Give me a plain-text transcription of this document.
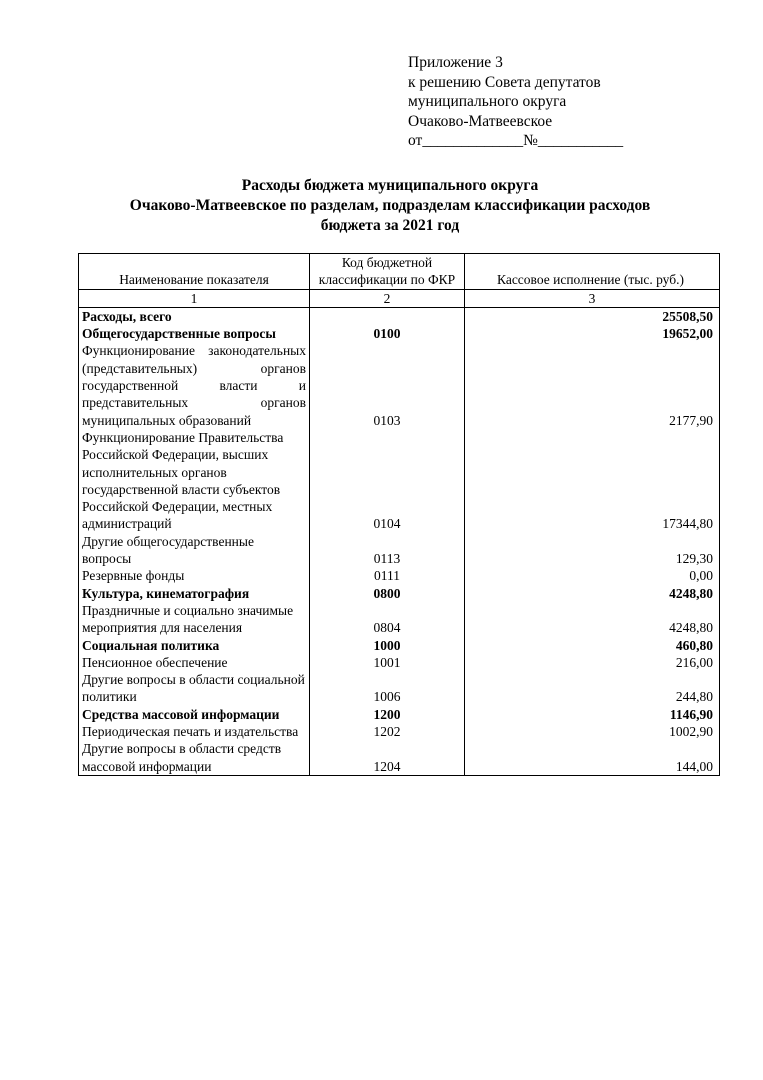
Приложение 3
к решению Совета депутатов
муниципального округа
Очаково-Матвеевское
от_____________№___________
Расходы бюджета муниципального округа
Очаково-Матвеевское по разделам, подразделам классификации расходов
бюджета за 2021 год
Наименование показателя	Код бюджетной классификации по ФКР	Кассовое исполнение (тыс. руб.)
1	2	3
Расходы, всего		25508,50
Общегосударственные вопросы	0100	19652,00

Функционирование законодательных (представительных) органов государственной власти и представительных органов муниципальных образований	0103	2177,90
Функционирование Правительства Российской Федерации, высших исполнительных органов государственной власти субъектов Российской Федерации, местных администраций	0104	17344,80
Другие общегосударственные вопросы	0113	129,30
Резервные фонды	0111	0,00
Культура, кинематография	0800	4248,80
Праздничные и социально значимые мероприятия для населения	0804	4248,80
Социальная политика	1000	460,80
Пенсионное обеспечение	1001	216,00
Другие вопросы в области социальной политики	1006	244,80
Средства массовой информации	1200	1146,90
Периодическая печать и издательства	1202	1002,90
Другие вопросы в области средств массовой информации	1204	144,00
